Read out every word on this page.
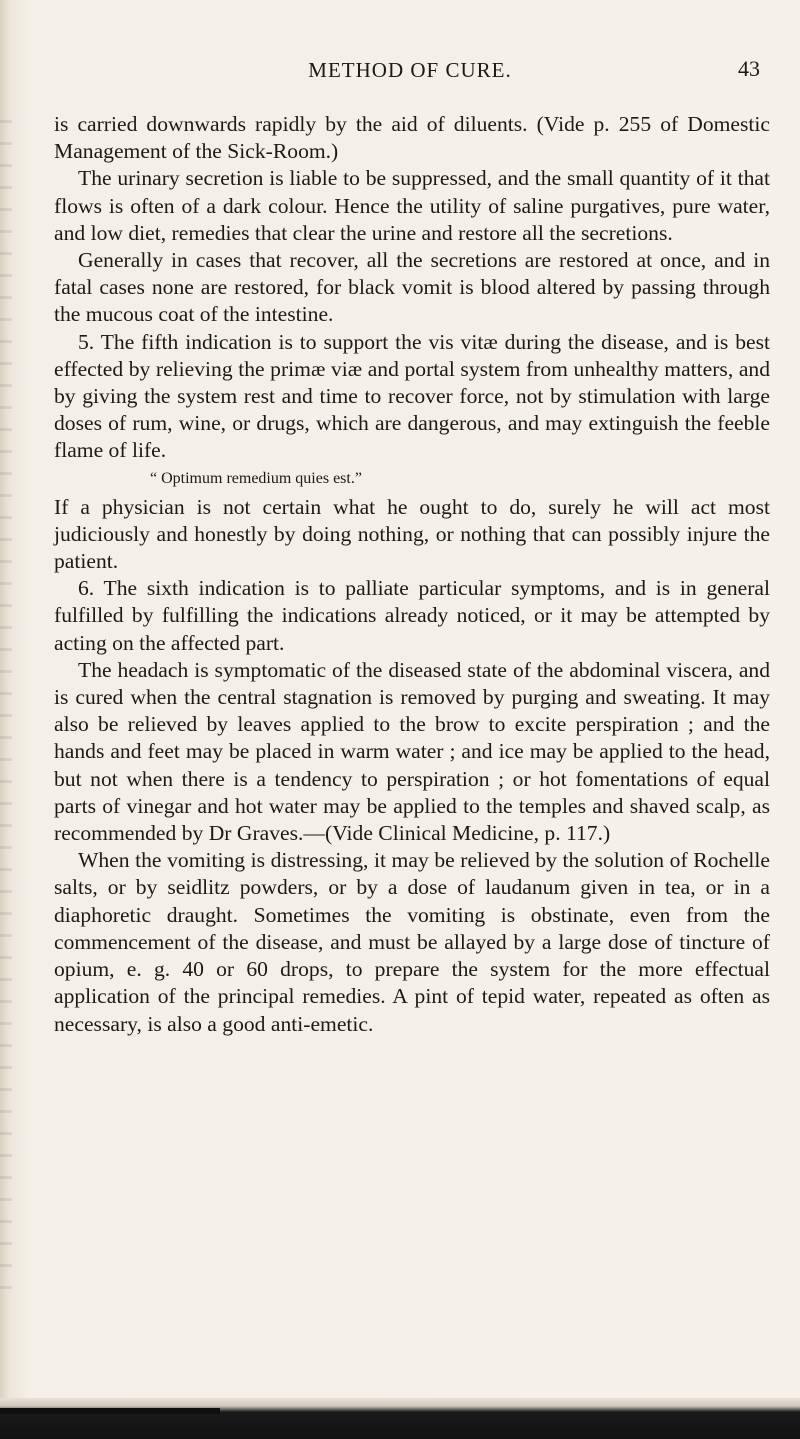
METHOD OF CURE.	43

is carried downwards rapidly by the aid of diluents. (Vide p. 255 of Domestic Management of the Sick-Room.)

The urinary secretion is liable to be suppressed, and the small quantity of it that flows is often of a dark colour. Hence the utility of saline purgatives, pure water, and low diet, remedies that clear the urine and restore all the secretions.

Generally in cases that recover, all the secretions are restored at once, and in fatal cases none are restored, for black vomit is blood altered by passing through the mucous coat of the intestine.

5. The fifth indication is to support the vis vitæ during the disease, and is best effected by relieving the primæ viæ and portal system from unhealthy matters, and by giving the system rest and time to recover force, not by stimulation with large doses of rum, wine, or drugs, which are dangerous, and may extinguish the feeble flame of life.

“ Optimum remedium quies est.”

If a physician is not certain what he ought to do, surely he will act most judiciously and honestly by doing nothing, or nothing that can possibly injure the patient.

6. The sixth indication is to palliate particular symptoms, and is in general fulfilled by fulfilling the indications already noticed, or it may be attempted by acting on the affected part.

The headach is symptomatic of the diseased state of the abdominal viscera, and is cured when the central stagnation is removed by purging and sweating. It may also be relieved by leaves applied to the brow to excite perspiration ; and the hands and feet may be placed in warm water ; and ice may be applied to the head, but not when there is a tendency to perspiration ; or hot fomentations of equal parts of vinegar and hot water may be applied to the temples and shaved scalp, as recommended by Dr Graves.—(Vide Clinical Medicine, p. 117.)

When the vomiting is distressing, it may be relieved by the solution of Rochelle salts, or by seidlitz powders, or by a dose of laudanum given in tea, or in a diaphoretic draught. Sometimes the vomiting is obstinate, even from the commencement of the disease, and must be allayed by a large dose of tincture of opium, e. g. 40 or 60 drops, to prepare the system for the more effectual application of the principal remedies. A pint of tepid water, repeated as often as necessary, is also a good anti-emetic.
